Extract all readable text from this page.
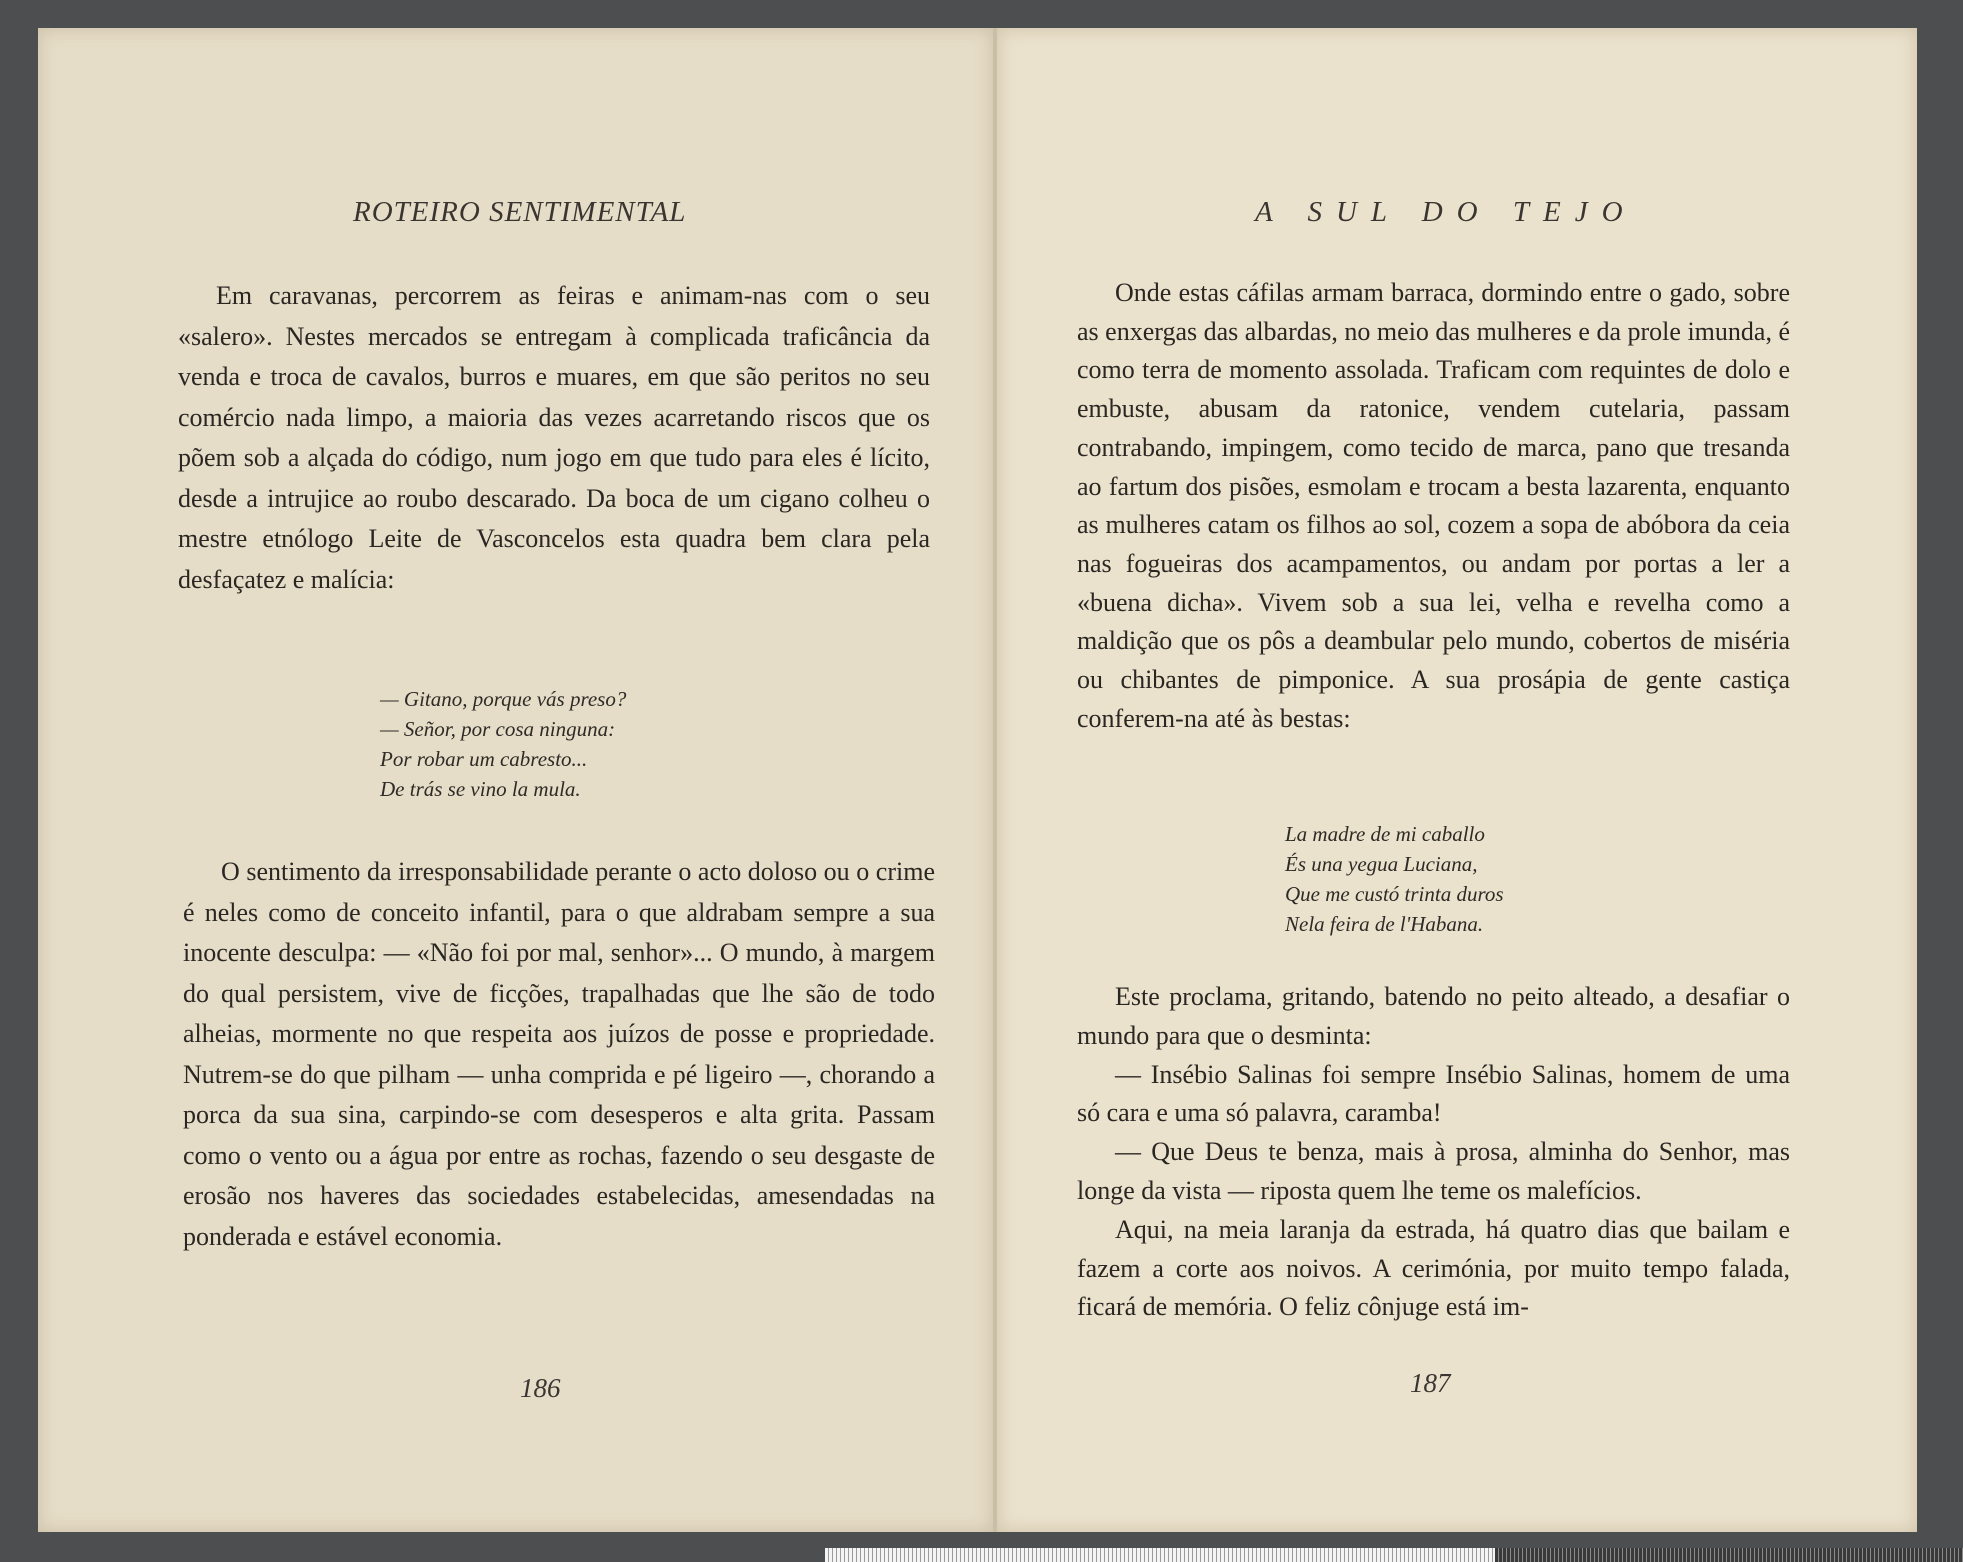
ROTEIRO SENTIMENTAL

Em caravanas, percorrem as feiras e animam-nas com o seu «salero». Nestes mercados se entregam à complicada traficância da venda e troca de cavalos, burros e muares, em que são peritos no seu comércio nada limpo, a maioria das vezes acarretando riscos que os põem sob a alçada do código, num jogo em que tudo para eles é lícito, desde a intrujice ao roubo descarado. Da boca de um cigano colheu o mestre etnólogo Leite de Vasconcelos esta quadra bem clara pela desfaçatez e malícia:

— Gitano, porque vás preso?
— Señor, por cosa ninguna:
Por robar um cabresto...
De trás se vino la mula.

O sentimento da irresponsabilidade perante o acto doloso ou o crime é neles como de conceito infantil, para o que aldrabam sempre a sua inocente desculpa: — «Não foi por mal, senhor»... O mundo, à margem do qual persistem, vive de ficções, trapalhadas que lhe são de todo alheias, mormente no que respeita aos juízos de posse e propriedade. Nutrem-se do que pilham — unha comprida e pé ligeiro —, chorando a porca da sua sina, carpindo-se com desesperos e alta grita. Passam como o vento ou a água por entre as rochas, fazendo o seu desgaste de erosão nos haveres das sociedades estabelecidas, amesendadas na ponderada e estável economia.

186
A SUL DO TEJO

Onde estas cáfilas armam barraca, dormindo entre o gado, sobre as enxergas das albardas, no meio das mulheres e da prole imunda, é como terra de momento assolada. Traficam com requintes de dolo e embuste, abusam da ratonice, vendem cutelaria, passam contrabando, impingem, como tecido de marca, pano que tresanda ao fartum dos pisões, esmolam e trocam a besta lazarenta, enquanto as mulheres catam os filhos ao sol, cozem a sopa de abóbora da ceia nas fogueiras dos acampamentos, ou andam por portas a ler a «buena dicha». Vivem sob a sua lei, velha e revelha como a maldição que os pôs a deambular pelo mundo, cobertos de miséria ou chibantes de pimponice. A sua prosápia de gente castiça conferem-na até às bestas:

La madre de mi caballo
És una yegua Luciana,
Que me custó trinta duros
Nela feira de l'Habana.

Este proclama, gritando, batendo no peito alteado, a desafiar o mundo para que o desminta:

— Insébio Salinas foi sempre Insébio Salinas, homem de uma só cara e uma só palavra, caramba!

— Que Deus te benza, mais à prosa, alminha do Senhor, mas longe da vista — riposta quem lhe teme os malefícios.

Aqui, na meia laranja da estrada, há quatro dias que bailam e fazem a corte aos noivos. A cerimónia, por muito tempo falada, ficará de memória. O feliz cônjuge está im-

187
